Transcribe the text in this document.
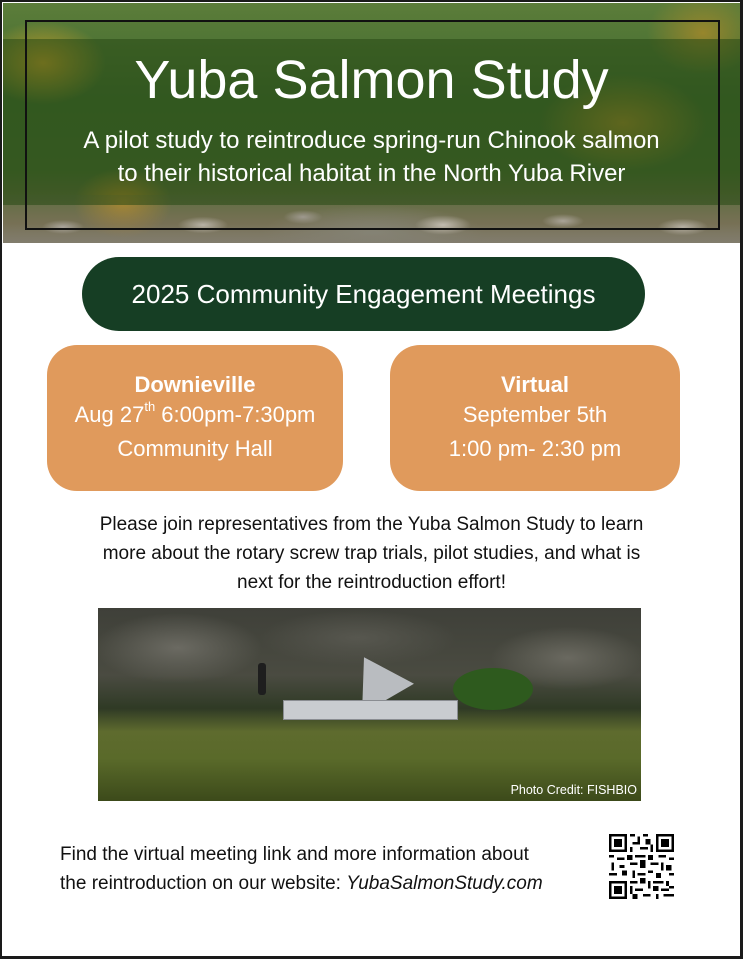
Yuba Salmon Study
A pilot study to reintroduce spring-run Chinook salmon
to their historical habitat in the North Yuba River
2025 Community Engagement Meetings
Downieville
Aug 27th 6:00pm-7:30pm
Community Hall
Virtual
September 5th
1:00 pm- 2:30 pm
Please join representatives from the Yuba Salmon Study to learn
more about the rotary screw trap trials, pilot studies, and what is
next for the reintroduction effort!
Photo Credit: FISHBIO
Find the virtual meeting link and more information about
the reintroduction on our website: YubaSalmonStudy.com
